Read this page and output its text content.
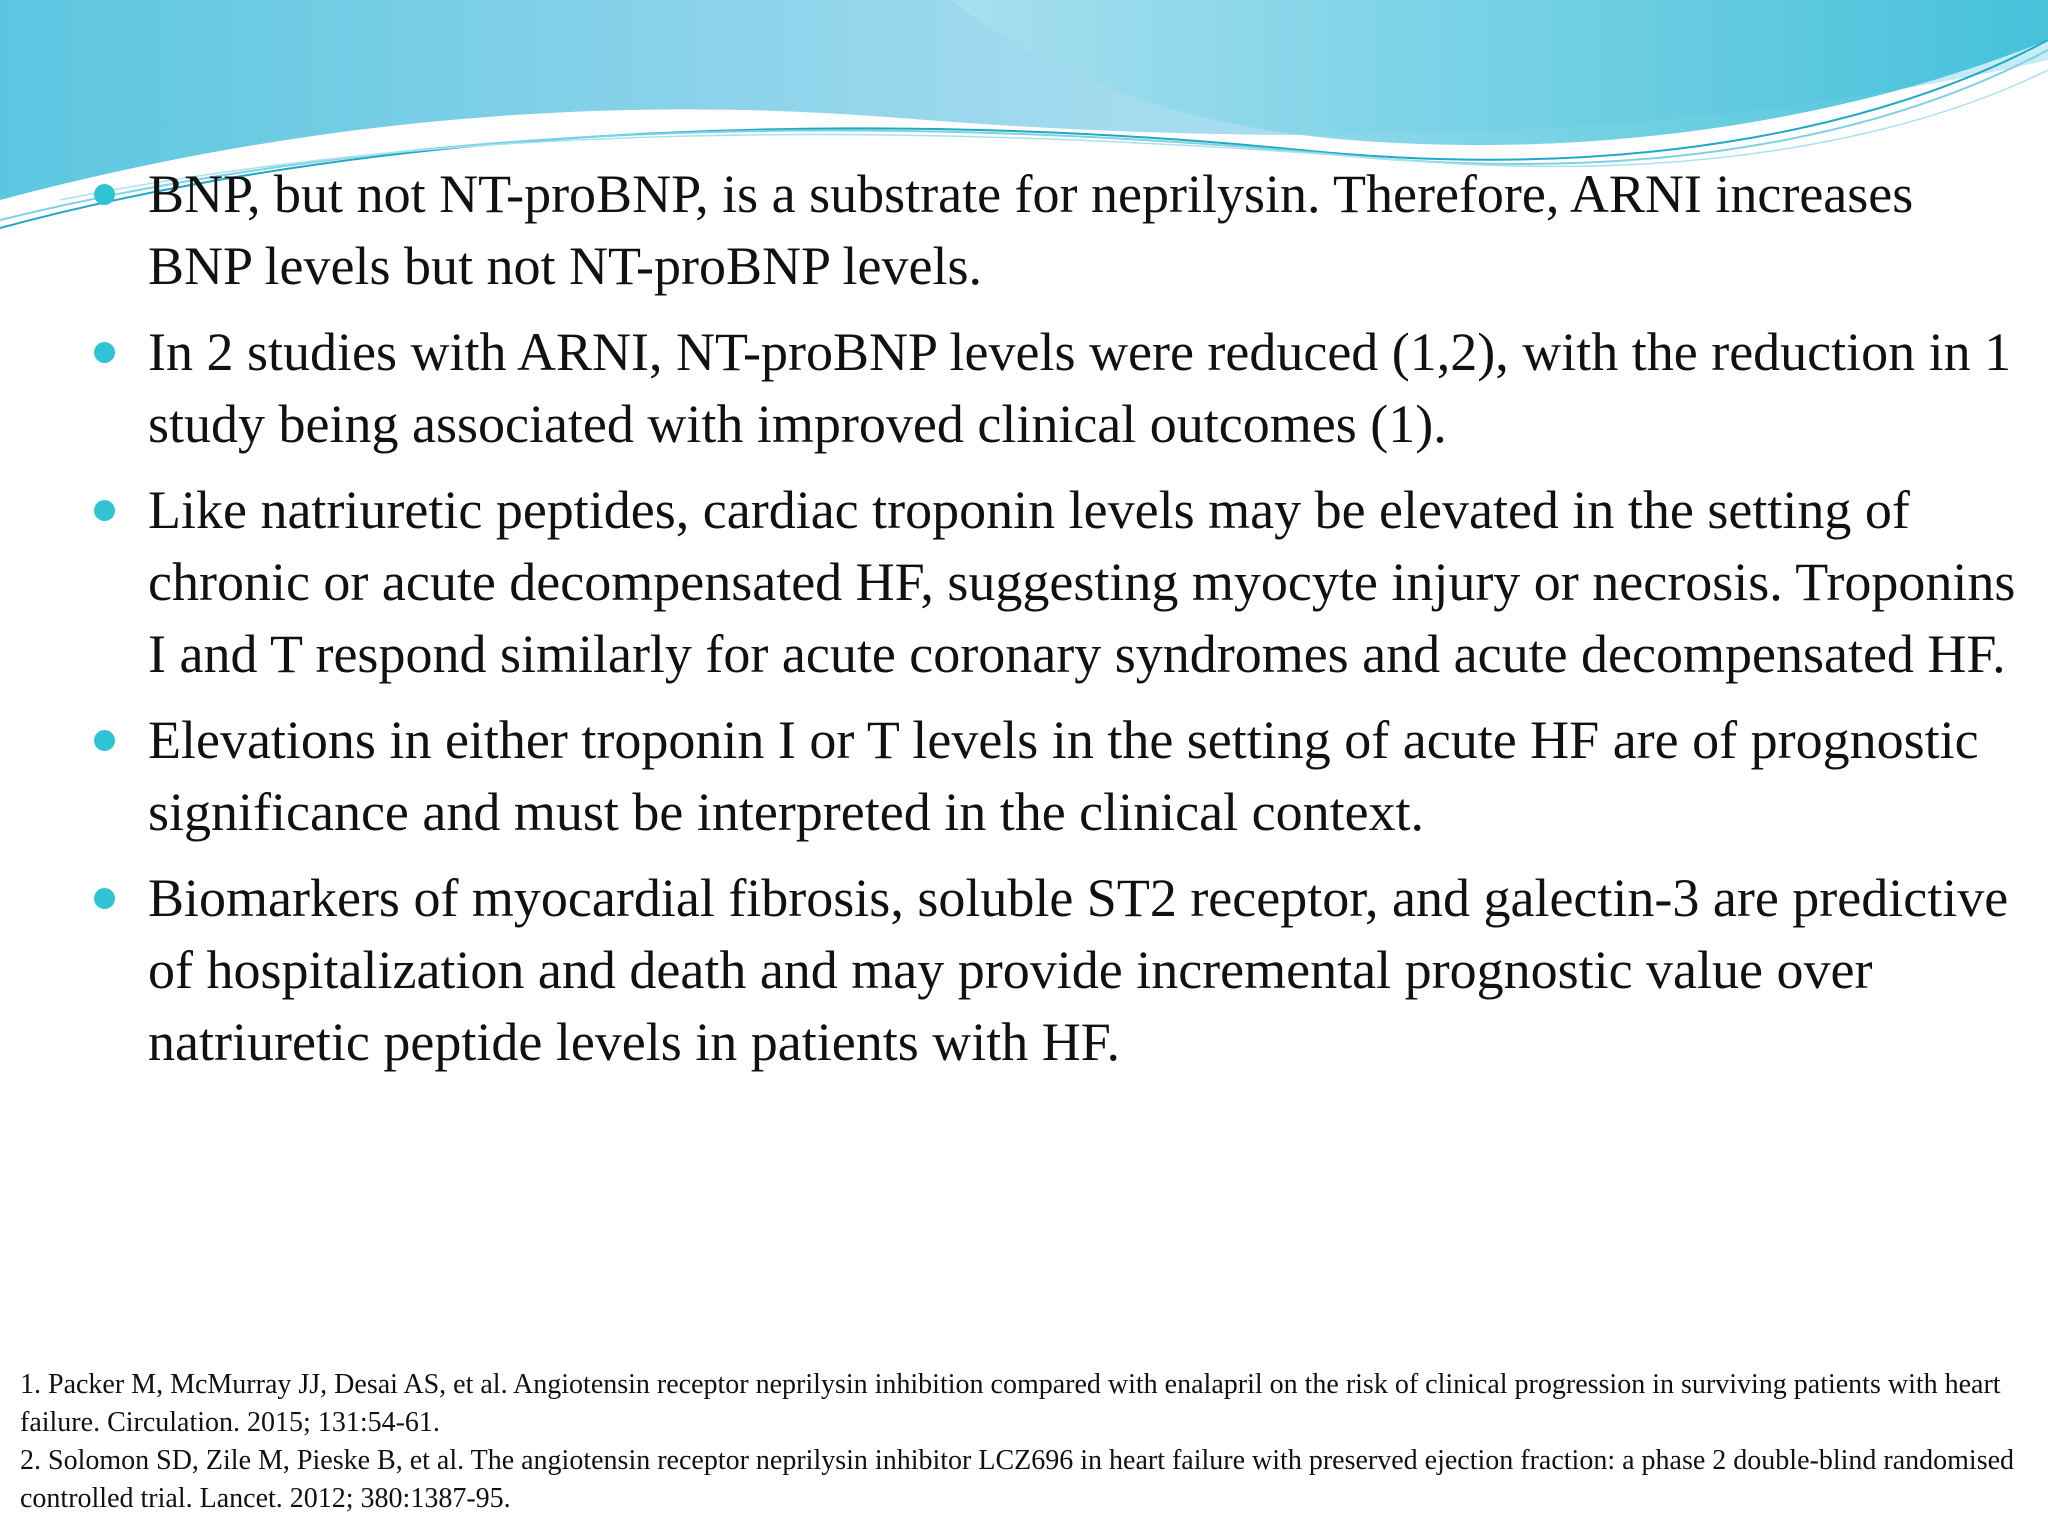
BNP, but not NT-proBNP, is a substrate for neprilysin. Therefore, ARNI increases BNP levels but not NT-proBNP levels.
In 2 studies with ARNI, NT-proBNP levels were reduced (1,2), with the reduction in 1 study being associated with improved clinical outcomes (1).
Like natriuretic peptides, cardiac troponin levels may be elevated in the setting of chronic or acute decompensated HF, suggesting myocyte injury or necrosis. Troponins I and T respond similarly for acute coronary syndromes and acute decompensated HF.
Elevations in either troponin I or T levels in the setting of acute HF are of prognostic significance and must be interpreted in the clinical context.
Biomarkers of myocardial fibrosis, soluble ST2 receptor, and galectin-3 are predictive of hospitalization and death and may provide incremental prognostic value over natriuretic peptide levels in patients with HF.

1. Packer M, McMurray JJ, Desai AS, et al. Angiotensin receptor neprilysin inhibition compared with enalapril on the risk of clinical progression in surviving patients with heart failure. Circulation. 2015; 131:54-61.

2. Solomon SD, Zile M, Pieske B, et al. The angiotensin receptor neprilysin inhibitor LCZ696 in heart failure with preserved ejection fraction: a phase 2 double-blind randomised controlled trial. Lancet. 2012; 380:1387-95.
